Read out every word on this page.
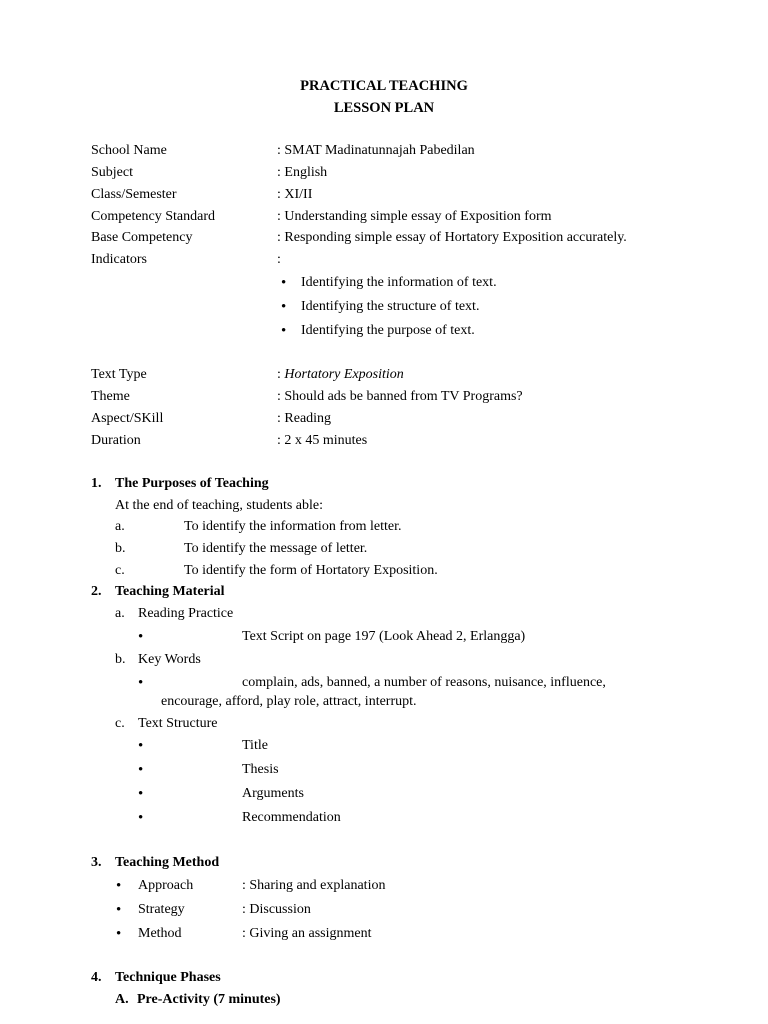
PRACTICAL TEACHING
LESSON PLAN
School Name	: SMAT Madinatunnajah Pabedilan
Subject	: English
Class/Semester	: XI/II
Competency Standard	: Understanding simple essay of Exposition form
Base Competency	: Responding simple essay of Hortatory Exposition accurately.
Indicators	:
• Identifying the information of text.
• Identifying the structure of text.
• Identifying the purpose of text.
Text Type	: Hortatory Exposition
Theme	: Should ads be banned from TV Programs?
Aspect/SKill	: Reading
Duration	: 2 x 45 minutes
1. The Purposes of Teaching
At the end of teaching, students able:
a.	To identify the information from letter.
b.	To identify the message of letter.
c.	To identify the form of Hortatory Exposition.
2. Teaching Material
a. Reading Practice
•	Text Script on page 197 (Look Ahead 2, Erlangga)
b. Key Words
•	complain, ads, banned, a number of reasons, nuisance, influence,
encourage, afford, play role, attract, interrupt.
c. Text Structure
•	Title
•	Thesis
•	Arguments
•	Recommendation
3. Teaching Method
• Approach	: Sharing and explanation
• Strategy	: Discussion
• Method	: Giving an assignment
4. Technique Phases
A. Pre-Activity (7 minutes)
